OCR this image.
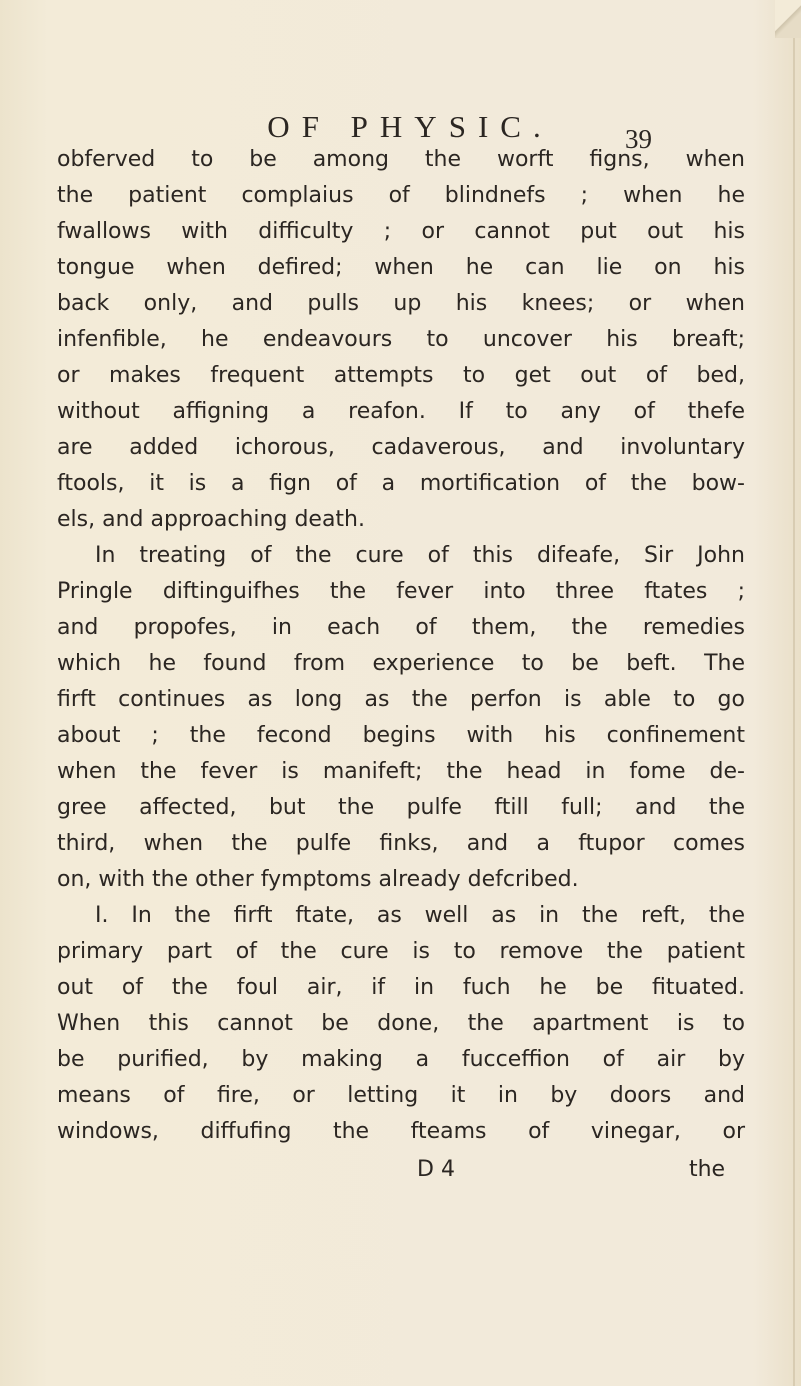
OF PHYSIC.	39
obferved to be among the worft figns, when
the patient complaius of blindnefs ; when he
fwallows with difficulty ; or cannot put out his
tongue when defired; when he can lie on his
back only, and pulls up his knees; or when
infenfible, he endeavours to uncover his breaft;
or makes frequent attempts to get out of bed,
without affigning a reafon. If to any of thefe
are added ichorous, cadaverous, and involuntary
ftools, it is a fign of a mortification of the bow-
els, and approaching death.
In treating of the cure of this difeafe, Sir John
Pringle diftinguifhes the fever into three ftates ;
and propofes, in each of them, the remedies
which he found from experience to be beft. The
firft continues as long as the perfon is able to go
about ; the fecond begins with his confinement
when the fever is manifeft; the head in fome de-
gree affected, but the pulfe ftill full; and the
third, when the pulfe finks, and a ftupor comes
on, with the other fymptoms already defcribed.
I. In the firft ftate, as well as in the reft, the
primary part of the cure is to remove the patient
out of the foul air, if in fuch he be fituated.
When this cannot be done, the apartment is to
be purified, by making a fucceffion of air by
means of fire, or letting it in by doors and
windows, diffufing the fteams of vinegar, or
D 4	the
